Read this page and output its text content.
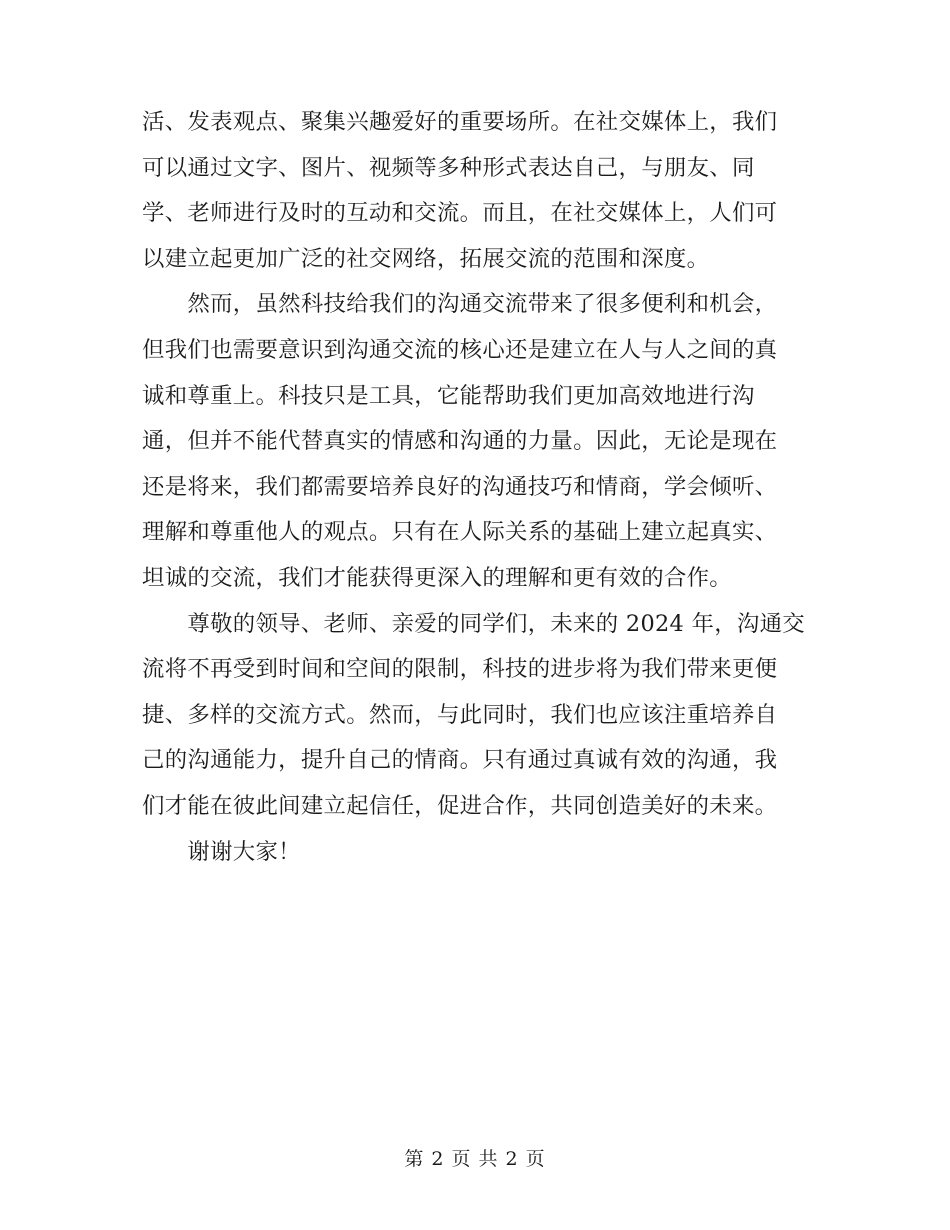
活、发表观点、聚集兴趣爱好的重要场所。在社交媒体上，我们
可以通过文字、图片、视频等多种形式表达自己，与朋友、同
学、老师进行及时的互动和交流。而且，在社交媒体上，人们可
以建立起更加广泛的社交网络，拓展交流的范围和深度。
　　然而，虽然科技给我们的沟通交流带来了很多便利和机会，
但我们也需要意识到沟通交流的核心还是建立在人与人之间的真
诚和尊重上。科技只是工具，它能帮助我们更加高效地进行沟
通，但并不能代替真实的情感和沟通的力量。因此，无论是现在
还是将来，我们都需要培养良好的沟通技巧和情商，学会倾听、
理解和尊重他人的观点。只有在人际关系的基础上建立起真实、
坦诚的交流，我们才能获得更深入的理解和更有效的合作。
　　尊敬的领导、老师、亲爱的同学们，未来的 2024 年，沟通交
流将不再受到时间和空间的限制，科技的进步将为我们带来更便
捷、多样的交流方式。然而，与此同时，我们也应该注重培养自
己的沟通能力，提升自己的情商。只有通过真诚有效的沟通，我
们才能在彼此间建立起信任，促进合作，共同创造美好的未来。
　　谢谢大家！
第 2 页 共 2 页
